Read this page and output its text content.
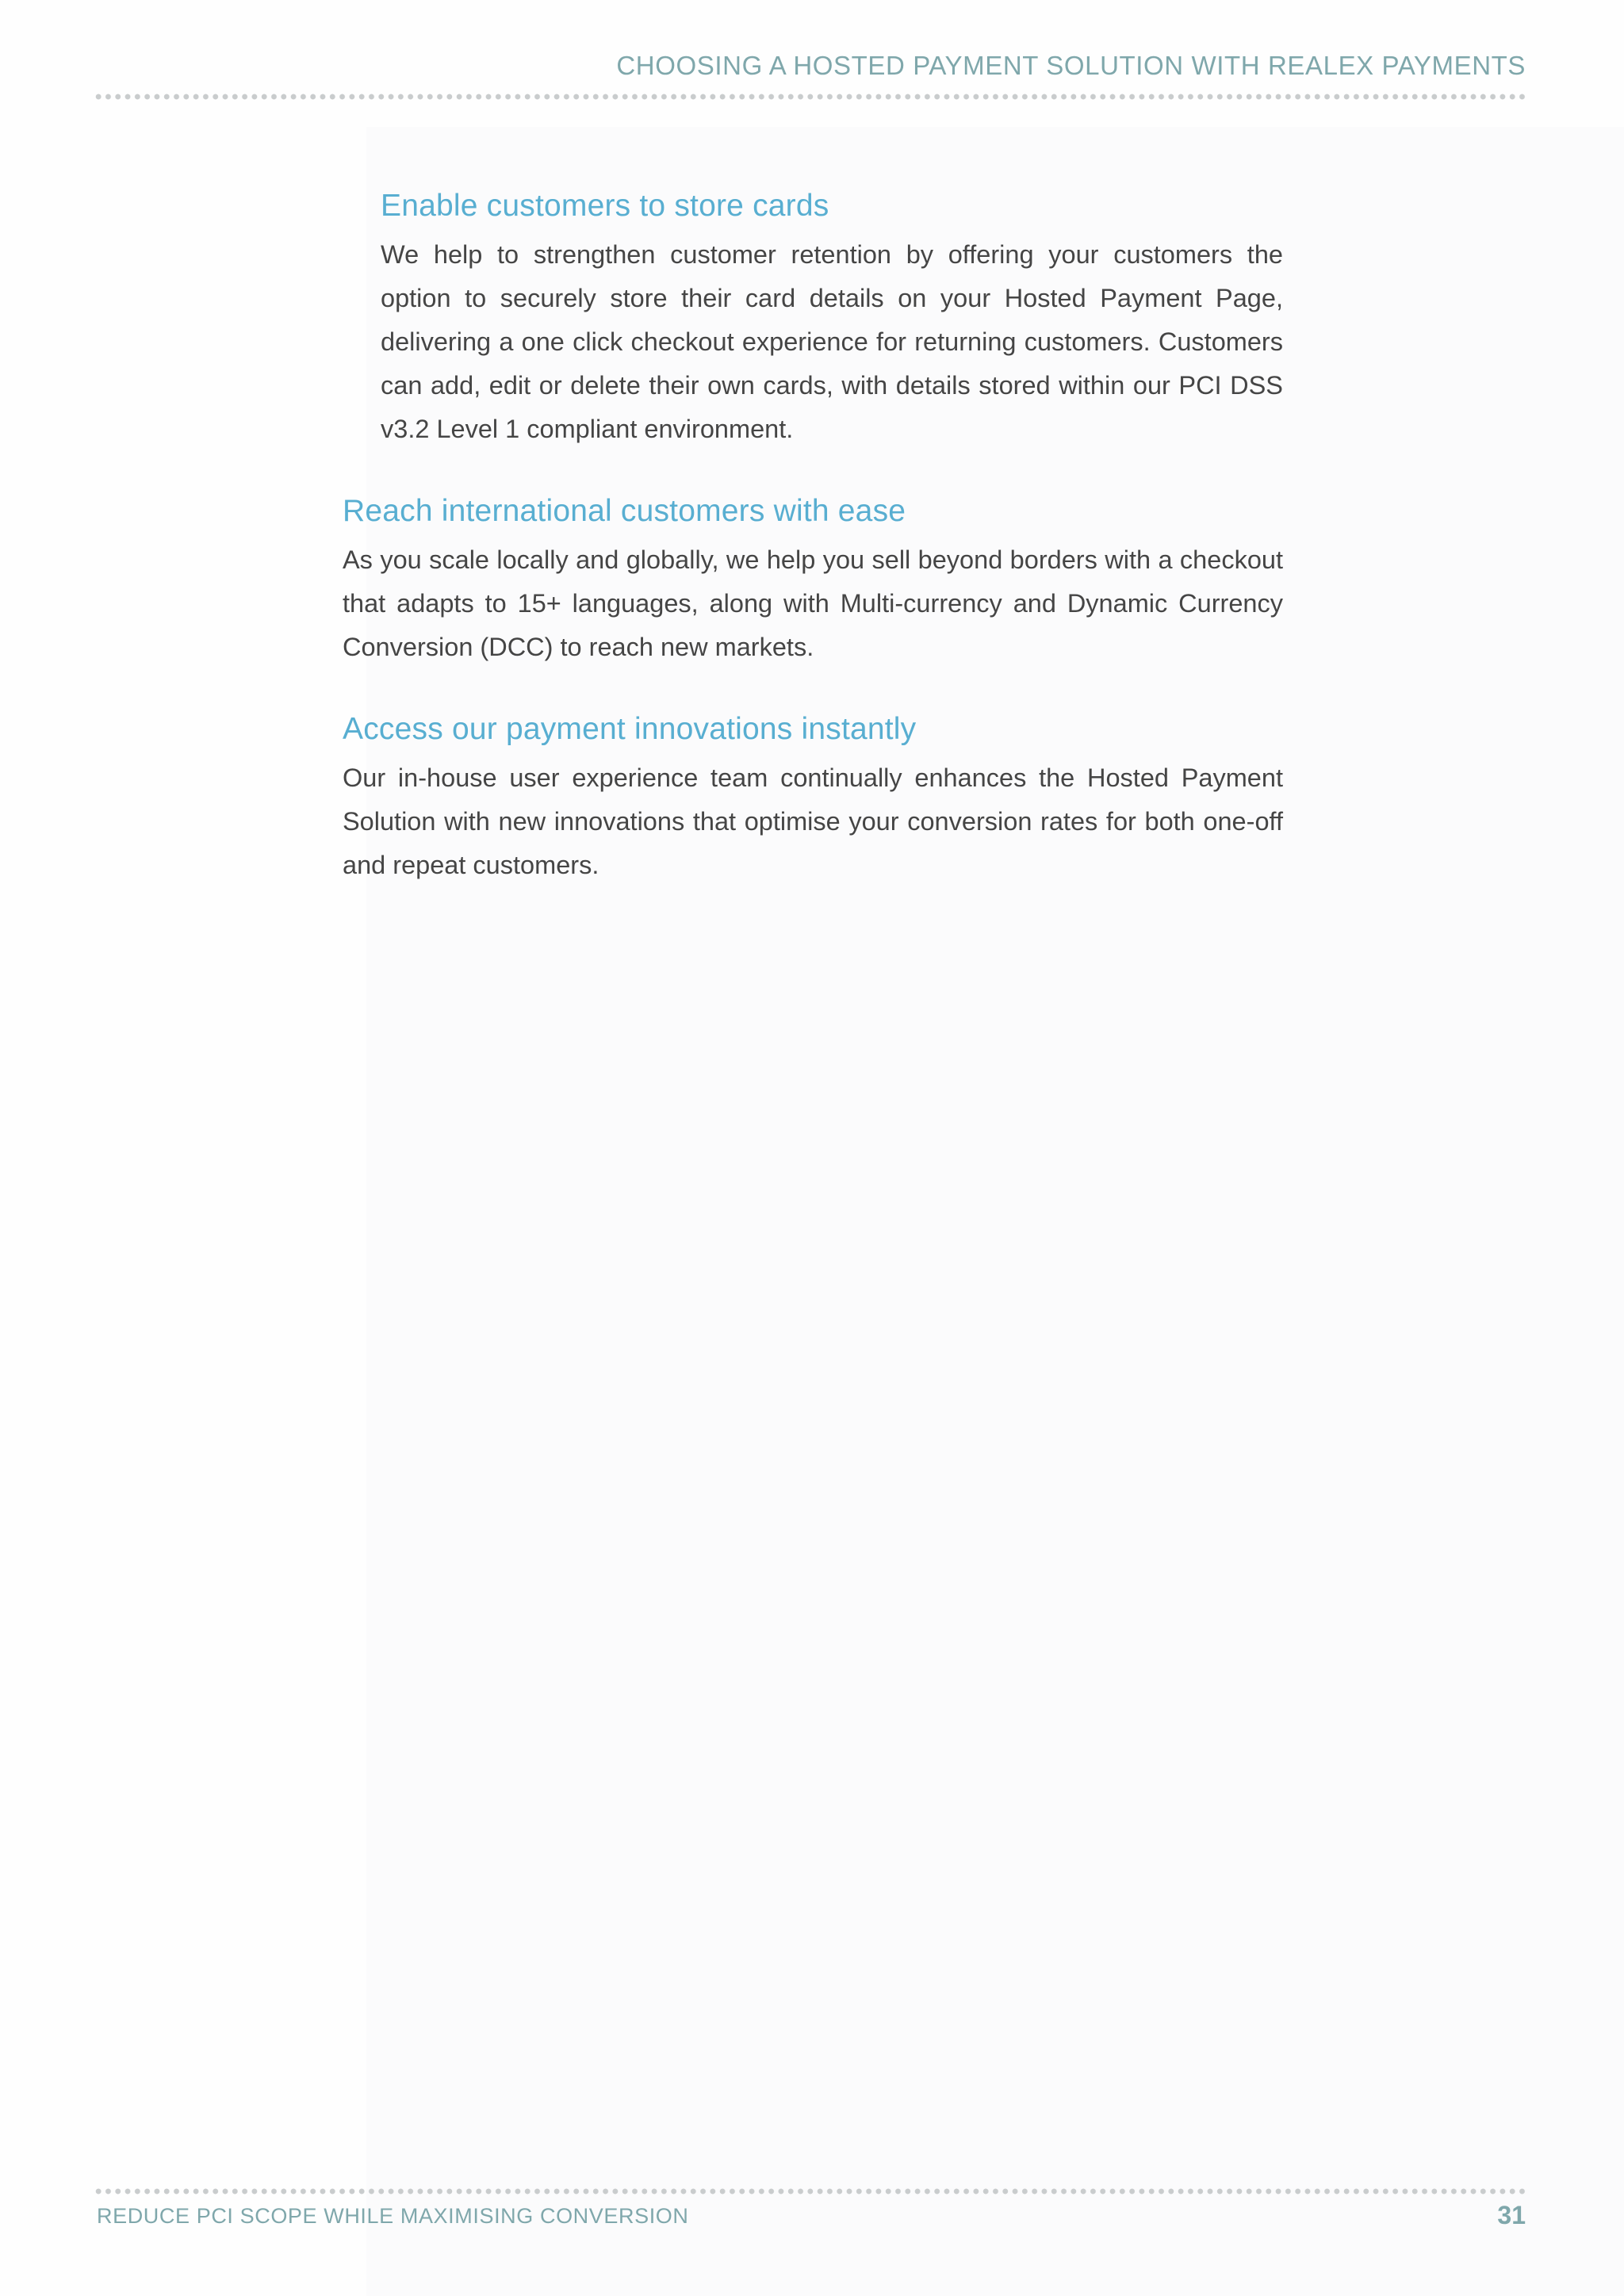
CHOOSING A HOSTED PAYMENT SOLUTION WITH REALEX PAYMENTS
Enable customers to store cards

We help to strengthen customer retention by offering your customers the option to securely store their card details on your Hosted Payment Page, delivering a one click checkout experience for returning customers. Customers can add, edit or delete their own cards, with details stored within our PCI DSS v3.2 Level 1 compliant environment.

Reach international customers with ease

As you scale locally and globally, we help you sell beyond borders with a checkout that adapts to 15+ languages, along with Multi-currency and Dynamic Currency Conversion (DCC) to reach new markets.

Access our payment innovations instantly

Our in-house user experience team continually enhances the Hosted Payment Solution with new innovations that optimise your conversion rates for both one-off and repeat customers.

REDUCE PCI SCOPE WHILE MAXIMISING CONVERSION	31
